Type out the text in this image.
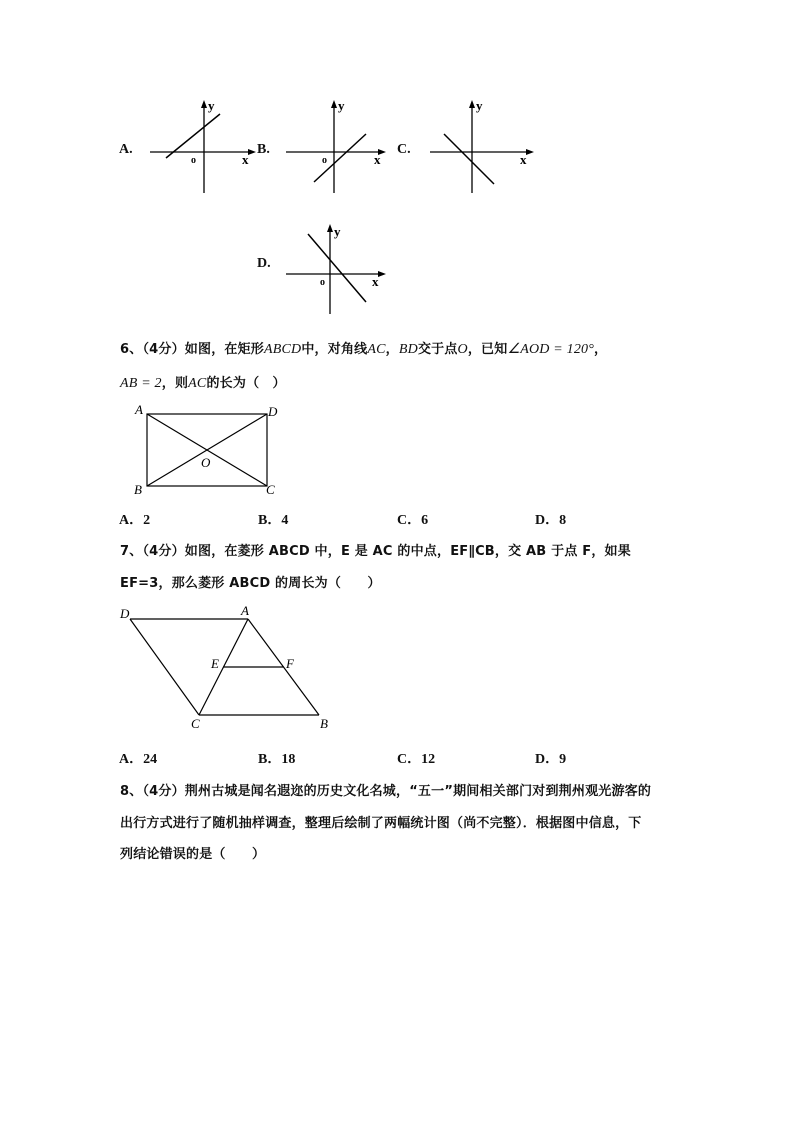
A.
y
x
o
B.
y
x
o
C.
y
x
D.
y
x
o
6、（4分）如图，在矩形ABCD中，对角线AC，BD交于点O，已知∠AOD = 120°，
AB = 2，则AC的长为（　）
A	D
B	C
O
A．2	B．4	C．6	D．8
7、（4分）如图，在菱形 ABCD 中，E 是 AC 的中点，EF∥CB，交 AB 于点 F，如果
EF=3，那么菱形 ABCD 的周长为（　　）
D	A
E	F
C	B
A．24	B．18	C．12	D．9
8、（4分）荆州古城是闻名遐迩的历史文化名城，“五一”期间相关部门对到荆州观光游客的
出行方式进行了随机抽样调查，整理后绘制了两幅统计图（尚不完整）．根据图中信息，下
列结论错误的是（　　）
